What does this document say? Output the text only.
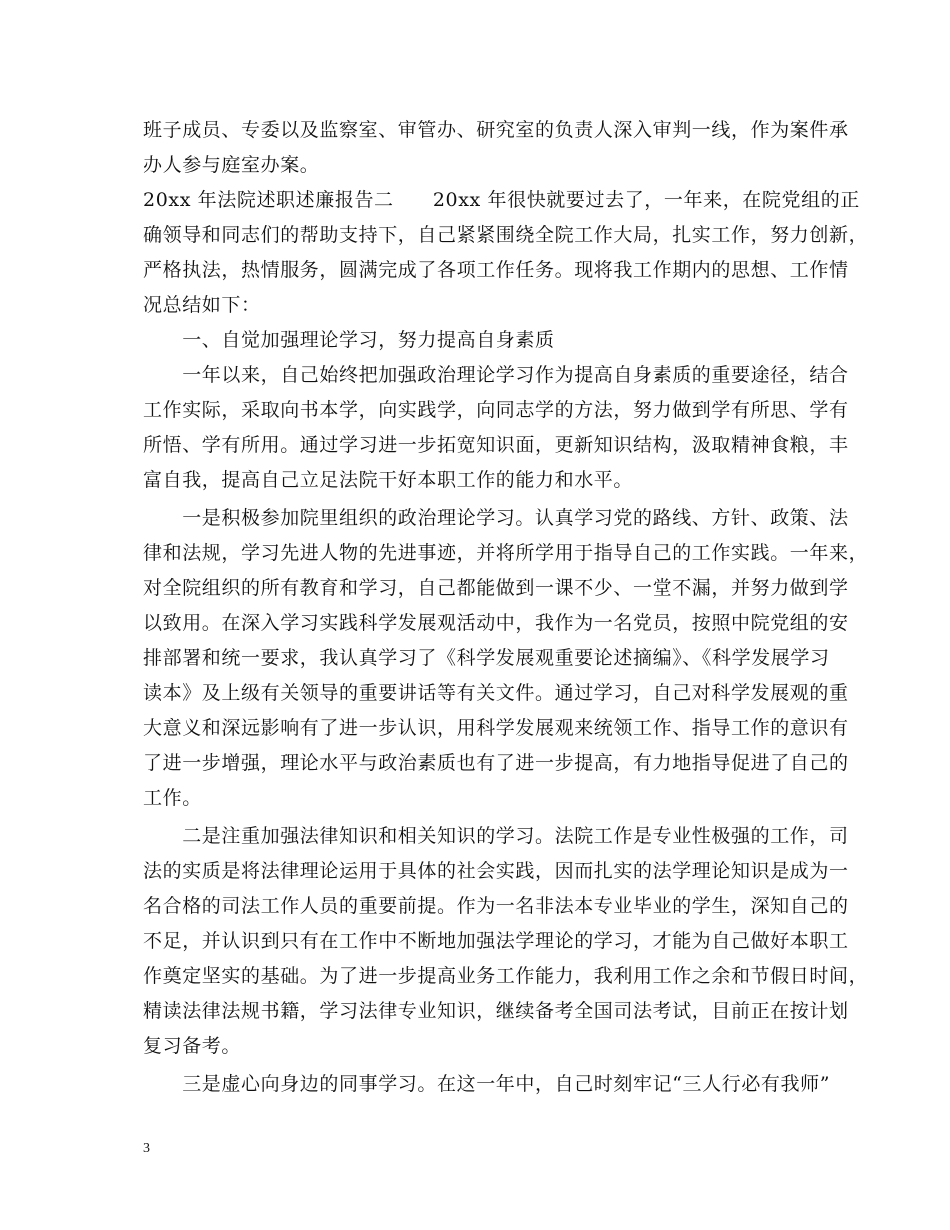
班子成员、专委以及监察室、审管办、研究室的负责人深入审判一线，作为案件承
办人参与庭室办案。
20xx 年法院述职述廉报告二　　20xx 年很快就要过去了，一年来，在院党组的正
确领导和同志们的帮助支持下，自己紧紧围绕全院工作大局，扎实工作，努力创新，
严格执法，热情服务，圆满完成了各项工作任务。现将我工作期内的思想、工作情
况总结如下：
　　一、自觉加强理论学习，努力提高自身素质
　　一年以来，自己始终把加强政治理论学习作为提高自身素质的重要途径，结合
工作实际，采取向书本学，向实践学，向同志学的方法，努力做到学有所思、学有
所悟、学有所用。通过学习进一步拓宽知识面，更新知识结构，汲取精神食粮，丰
富自我，提高自己立足法院干好本职工作的能力和水平。
　　一是积极参加院里组织的政治理论学习。认真学习党的路线、方针、政策、法
律和法规，学习先进人物的先进事迹，并将所学用于指导自己的工作实践。一年来，
对全院组织的所有教育和学习，自己都能做到一课不少、一堂不漏，并努力做到学
以致用。在深入学习实践科学发展观活动中，我作为一名党员，按照中院党组的安
排部署和统一要求，我认真学习了《科学发展观重要论述摘编》、《科学发展学习
读本》及上级有关领导的重要讲话等有关文件。通过学习，自己对科学发展观的重
大意义和深远影响有了进一步认识，用科学发展观来统领工作、指导工作的意识有
了进一步增强，理论水平与政治素质也有了进一步提高，有力地指导促进了自己的
工作。
　　二是注重加强法律知识和相关知识的学习。法院工作是专业性极强的工作，司
法的实质是将法律理论运用于具体的社会实践，因而扎实的法学理论知识是成为一
名合格的司法工作人员的重要前提。作为一名非法本专业毕业的学生，深知自己的
不足，并认识到只有在工作中不断地加强法学理论的学习，才能为自己做好本职工
作奠定坚实的基础。为了进一步提高业务工作能力，我利用工作之余和节假日时间，
精读法律法规书籍，学习法律专业知识，继续备考全国司法考试，目前正在按计划
复习备考。
　　三是虚心向身边的同事学习。在这一年中，自己时刻牢记“三人行必有我师”
3
